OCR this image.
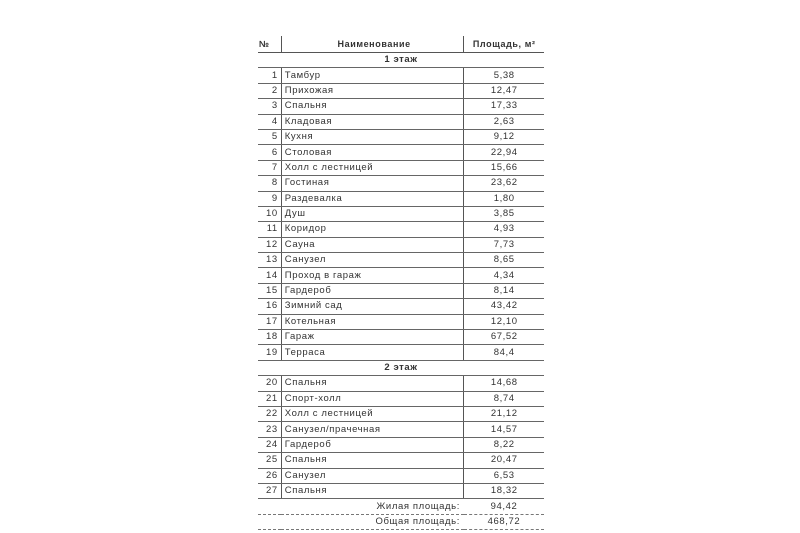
№	Наименование	Площадь, м²
1 этаж		
1	Тамбур	5,38
2	Прихожая	12,47
3	Спальня	17,33
4	Кладовая	2,63
5	Кухня	9,12
6	Столовая	22,94
7	Холл с лестницей	15,66
8	Гостиная	23,62
9	Раздевалка	1,80
10	Душ	3,85
11	Коридор	4,93
12	Сауна	7,73
13	Санузел	8,65
14	Проход в гараж	4,34
15	Гардероб	8,14
16	Зимний сад	43,42
17	Котельная	12,10
18	Гараж	67,52
19	Терраса	84,4
2 этаж		
20	Спальня	14,68
21	Спорт-холл	8,74
22	Холл с лестницей	21,12
23	Санузел/прачечная	14,57
24	Гардероб	8,22
25	Спальня	20,47
26	Санузел	6,53
27	Спальня	18,32
Жилая площадь:		94,42
Общая площадь:		468,72
